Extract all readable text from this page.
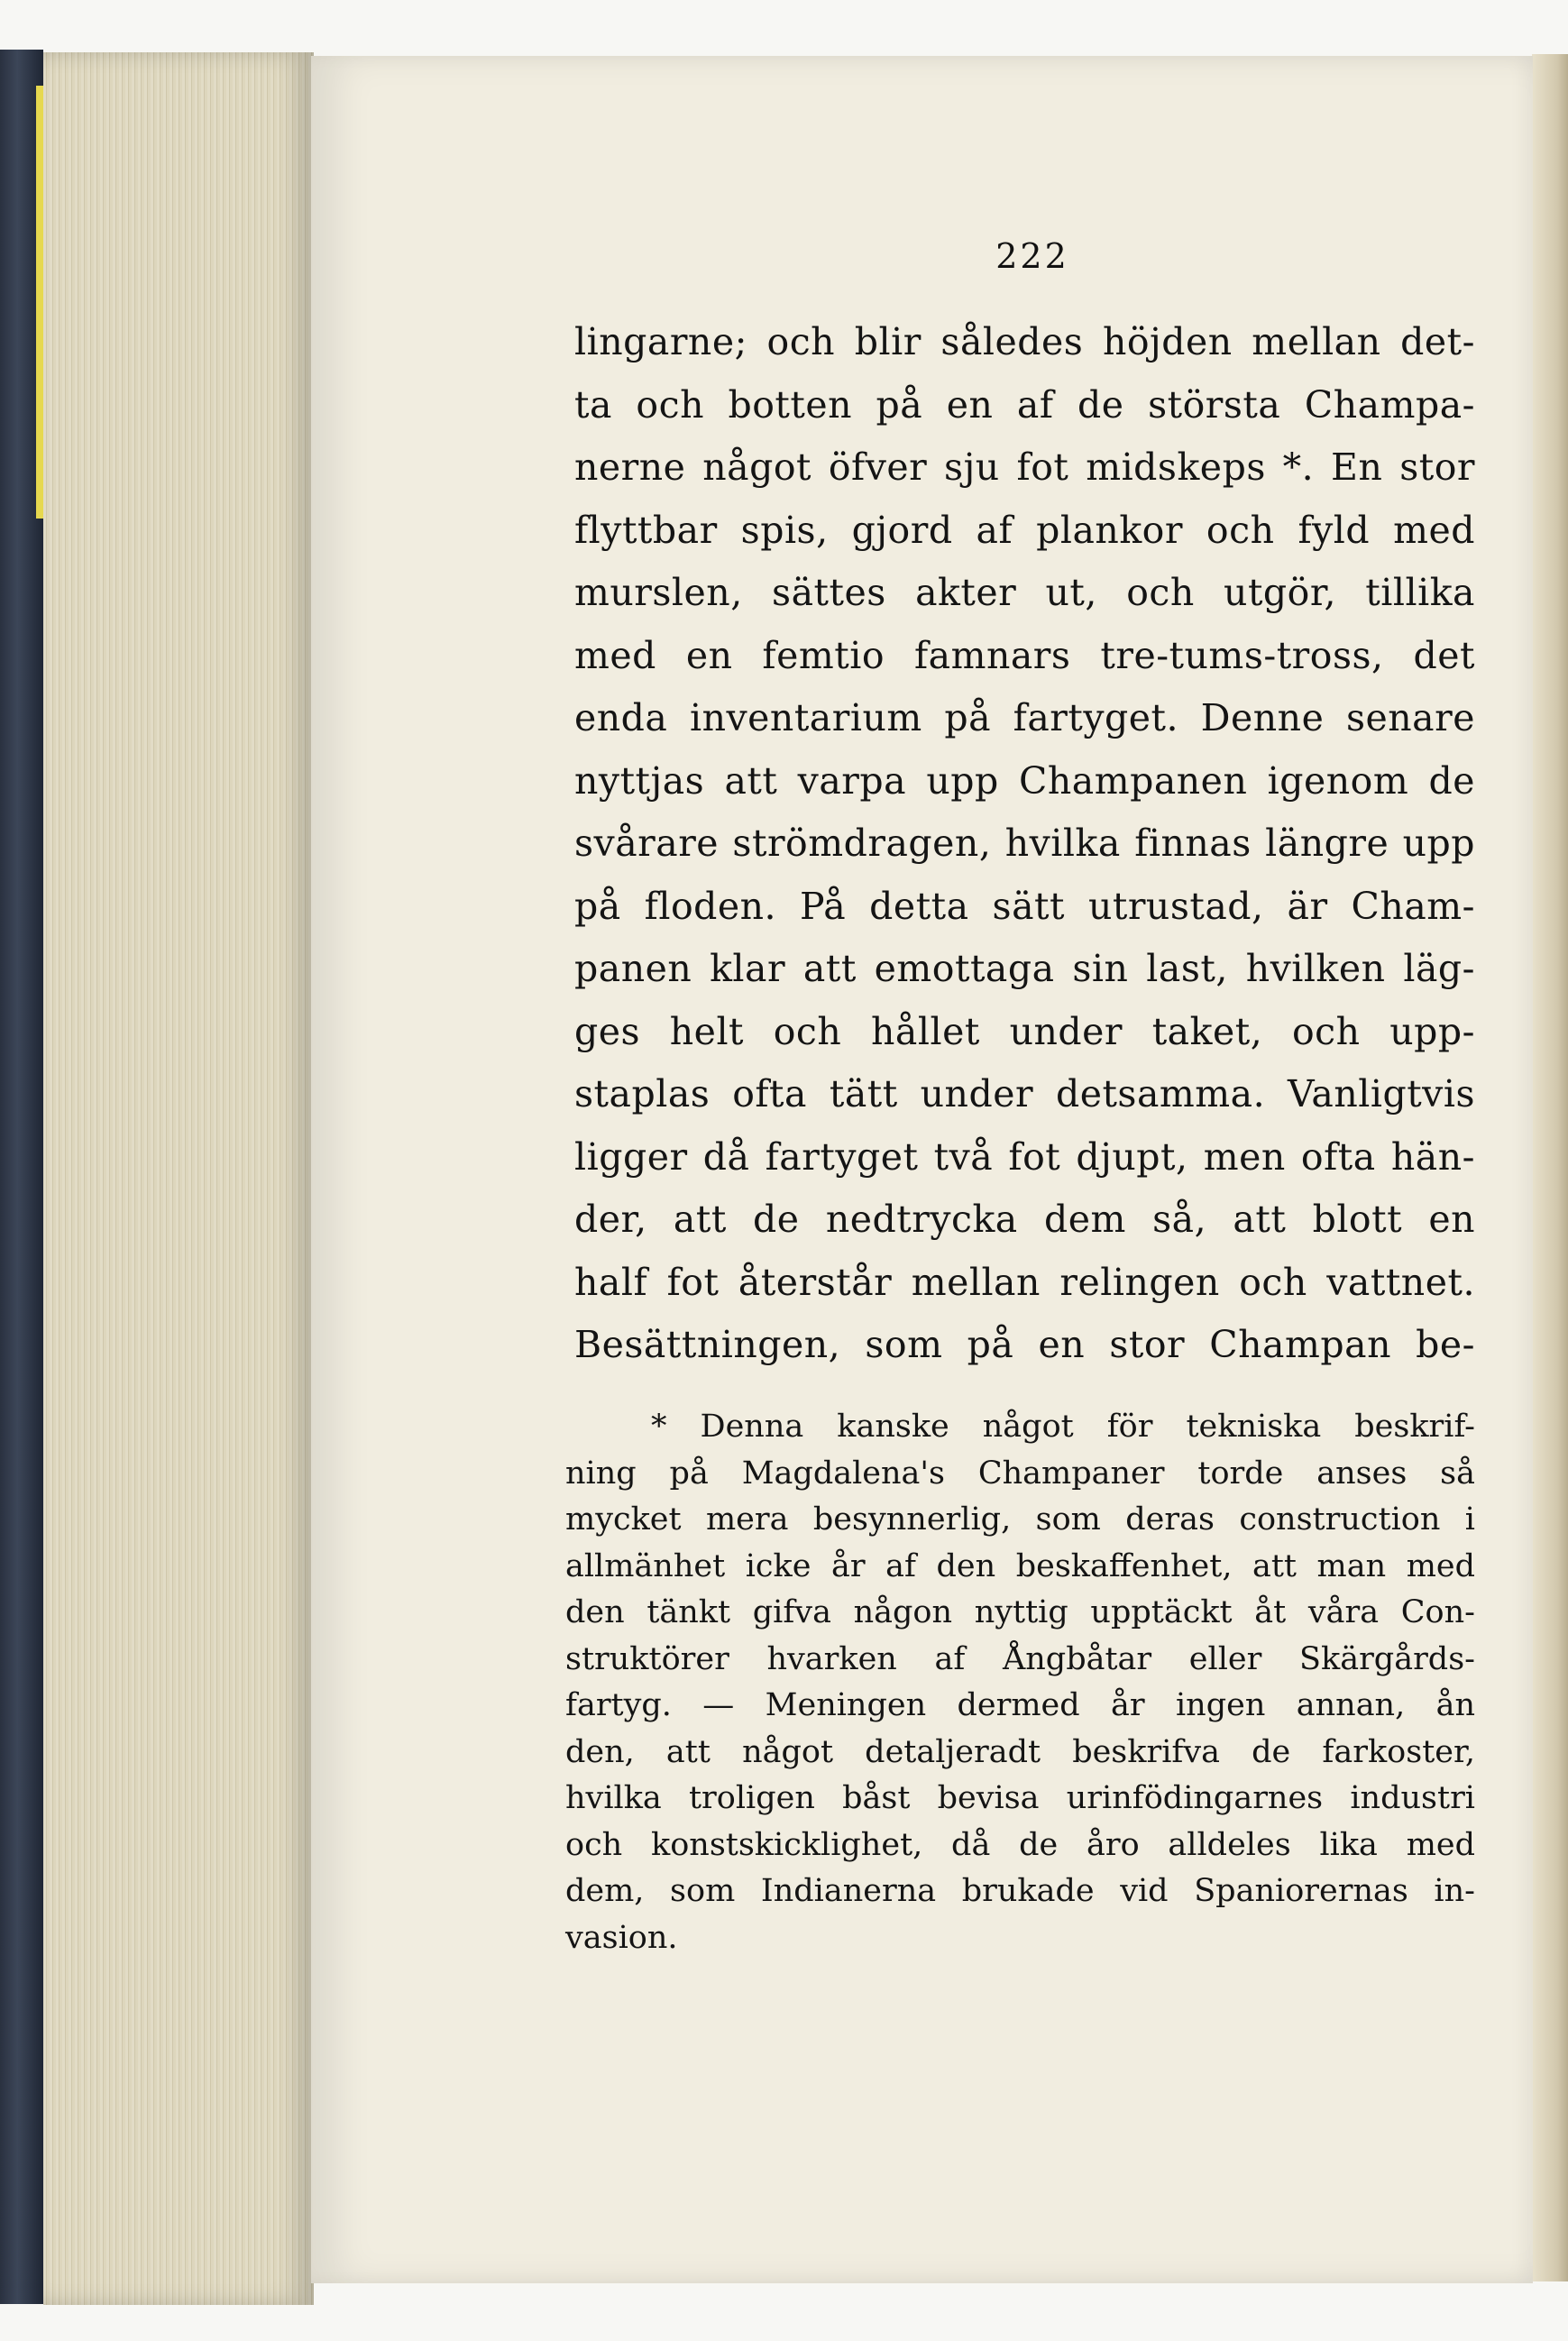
222
lingarne; och blir således höjden mellan det-
ta och botten på en af de största Champa-
nerne något öfver sju fot midskeps *. En stor
flyttbar spis, gjord af plankor och fyld med
murslen, sättes akter ut, och utgör, tillika
med en femtio famnars tre-tums-tross, det
enda inventarium på fartyget. Denne senare
nyttjas att varpa upp Champanen igenom de
svårare strömdragen, hvilka finnas längre upp
på floden. På detta sätt utrustad, är Cham-
panen klar att emottaga sin last, hvilken läg-
ges helt och hållet under taket, och upp-
staplas ofta tätt under detsamma. Vanligtvis
ligger då fartyget två fot djupt, men ofta hän-
der, att de nedtrycka dem så, att blott en
half fot återstår mellan relingen och vattnet.
Besättningen, som på en stor Champan be-
* Denna kanske något för tekniska beskrif-
ning på Magdalena's Champaner torde anses så
mycket mera besynnerlig, som deras construction i
allmänhet icke år af den beskaffenhet, att man med
den tänkt gifva någon nyttig upptäckt åt våra Con-
struktörer hvarken af Ångbåtar eller Skärgårds-
fartyg. — Meningen dermed år ingen annan, ån
den, att något detaljeradt beskrifva de farkoster,
hvilka troligen båst bevisa urinfödingarnes industri
och konstskicklighet, då de åro alldeles lika med
dem, som Indianerna brukade vid Spaniorernas in-
vasion.
